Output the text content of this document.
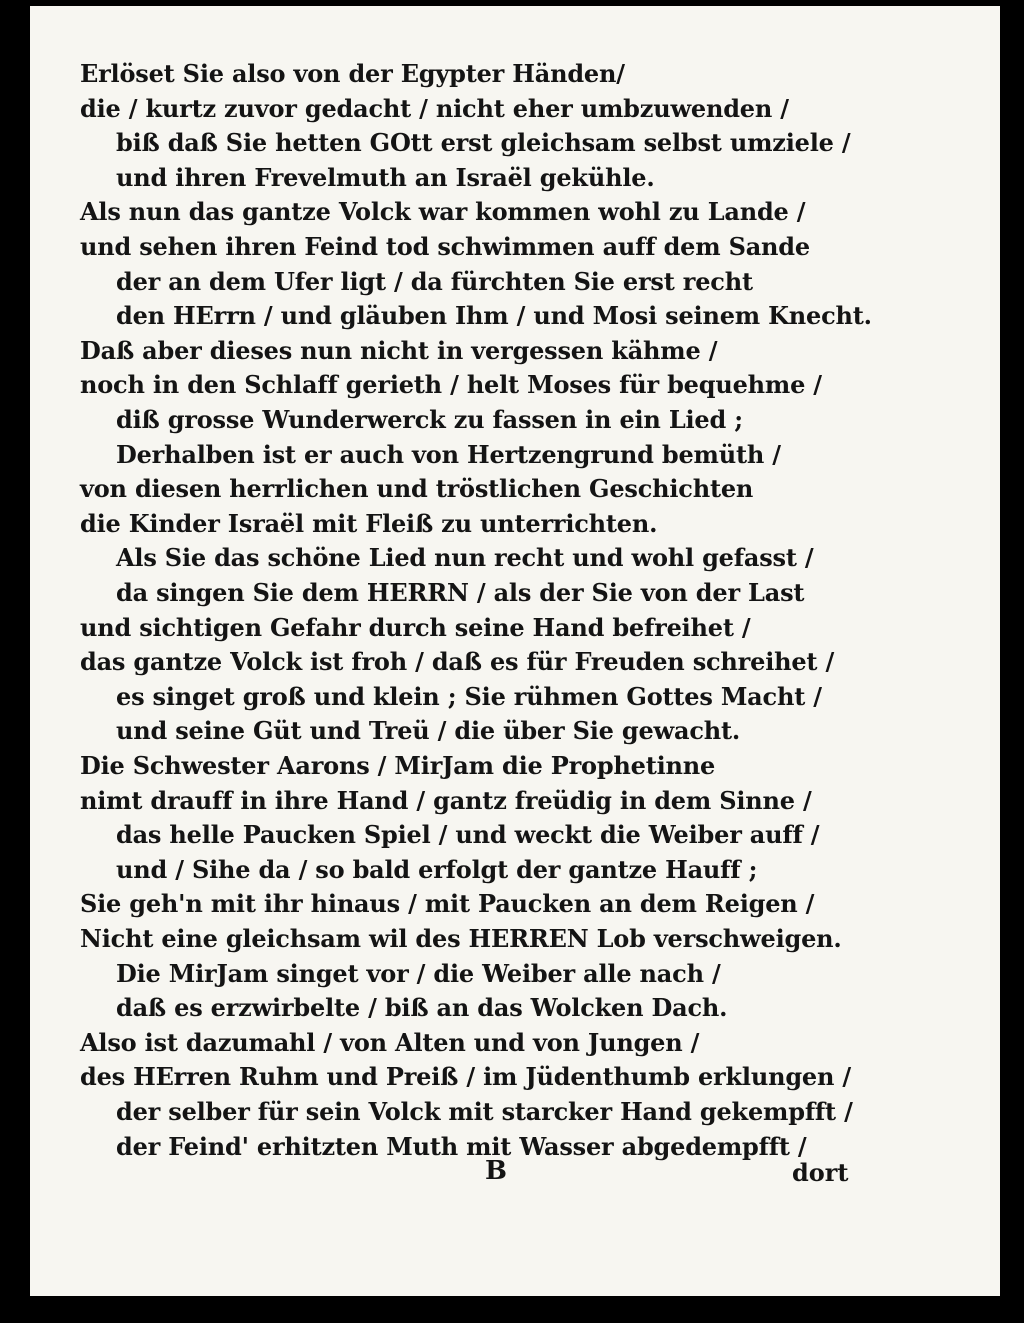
Erlöset Sie also von der Egypter Händen/
die / kurtz zuvor gedacht / nicht eher umbzuwenden /
biß daß Sie hetten GOtt erst gleichsam selbst umziele /
und ihren Frevelmuth an Israël gekühle.
Als nun das gantze Volck war kommen wohl zu Lande /
und sehen ihren Feind tod schwimmen auff dem Sande
der an dem Ufer ligt / da fürchten Sie erst recht
den HErrn / und gläuben Ihm / und Mosi seinem Knecht.
Daß aber dieses nun nicht in vergessen kähme /
noch in den Schlaff gerieth / helt Moses für bequehme /
diß grosse Wunderwerck zu fassen in ein Lied ;
Derhalben ist er auch von Hertzengrund bemüth /
von diesen herrlichen und tröstlichen Geschichten
die Kinder Israël mit Fleiß zu unterrichten.
Als Sie das schöne Lied nun recht und wohl gefasst /
da singen Sie dem HERRN / als der Sie von der Last
und sichtigen Gefahr durch seine Hand befreihet /
das gantze Volck ist froh / daß es für Freuden schreihet /
es singet groß und klein ; Sie rühmen Gottes Macht /
und seine Güt und Treü / die über Sie gewacht.
Die Schwester Aarons / MirJam die Prophetinne
nimt drauff in ihre Hand / gantz freüdig in dem Sinne /
das helle Paucken Spiel / und weckt die Weiber auff /
und / Sihe da / so bald erfolgt der gantze Hauff ;
Sie geh'n mit ihr hinaus / mit Paucken an dem Reigen /
Nicht eine gleichsam wil des HERREN Lob verschweigen.
Die MirJam singet vor / die Weiber alle nach /
daß es erzwirbelte / biß an das Wolcken Dach.
Also ist dazumahl / von Alten und von Jungen /
des HErren Ruhm und Preiß / im Jüdenthumb erklungen /
der selber für sein Volck mit starcker Hand gekempfft /
der Feind' erhitzten Muth mit Wasser abgedempfft /
B	dort
